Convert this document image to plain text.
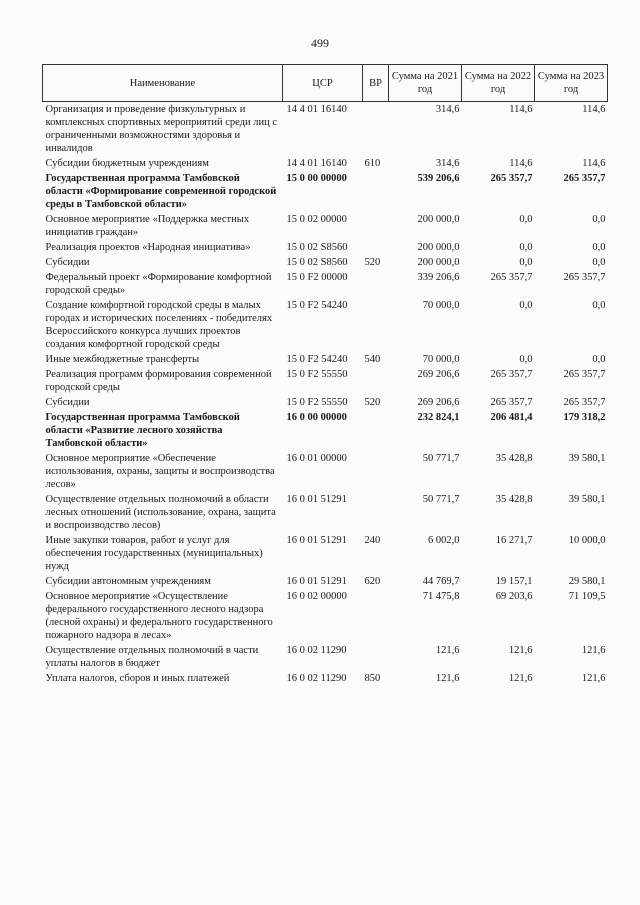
499
Наименование	ЦСР	ВР	Сумма на 2021 год	Сумма на 2022 год	Сумма на 2023 год
Организация и проведение физкультурных и комплексных спортивных мероприятий среди лиц с ограниченными возможностями здоровья и инвалидов	14 4 01 16140		314,6	114,6	114,6
Субсидии бюджетным учреждениям	14 4 01 16140	610	314,6	114,6	114,6
Государственная программа Тамбовской области «Формирование современной городской среды в Тамбовской области»	15 0 00 00000		539 206,6	265 357,7	265 357,7
Основное мероприятие «Поддержка местных инициатив граждан»	15 0 02 00000		200 000,0	0,0	0,0
Реализация проектов «Народная инициатива»	15 0 02 S8560		200 000,0	0,0	0,0
Субсидии	15 0 02 S8560	520	200 000,0	0,0	0,0
Федеральный проект «Формирование комфортной городской среды»	15 0 F2 00000		339 206,6	265 357,7	265 357,7
Создание комфортной городской среды в малых городах и исторических поселениях - победителях Всероссийского конкурса лучших проектов создания комфортной городской среды	15 0 F2 54240		70 000,0	0,0	0,0
Иные межбюджетные трансферты	15 0 F2 54240	540	70 000,0	0,0	0,0
Реализация программ формирования современной городской среды	15 0 F2 55550		269 206,6	265 357,7	265 357,7
Субсидии	15 0 F2 55550	520	269 206,6	265 357,7	265 357,7
Государственная программа Тамбовской области «Развитие лесного хозяйства Тамбовской области»	16 0 00 00000		232 824,1	206 481,4	179 318,2
Основное мероприятие «Обеспечение использования, охраны, защиты и воспроизводства лесов»	16 0 01 00000		50 771,7	35 428,8	39 580,1
Осуществление отдельных полномочий в области лесных отношений (использование, охрана, защита и воспроизводство лесов)	16 0 01 51291		50 771,7	35 428,8	39 580,1
Иные закупки товаров, работ и услуг для обеспечения государственных (муниципальных) нужд	16 0 01 51291	240	6 002,0	16 271,7	10 000,0
Субсидии автономным учреждениям	16 0 01 51291	620	44 769,7	19 157,1	29 580,1
Основное мероприятие «Осуществление федерального государственного лесного надзора (лесной охраны) и федерального государственного пожарного надзора в лесах»	16 0 02 00000		71 475,8	69 203,6	71 109,5
Осуществление отдельных полномочий в части уплаты налогов в бюджет	16 0 02 11290		121,6	121,6	121,6
Уплата налогов, сборов и иных платежей	16 0 02 11290	850	121,6	121,6	121,6
